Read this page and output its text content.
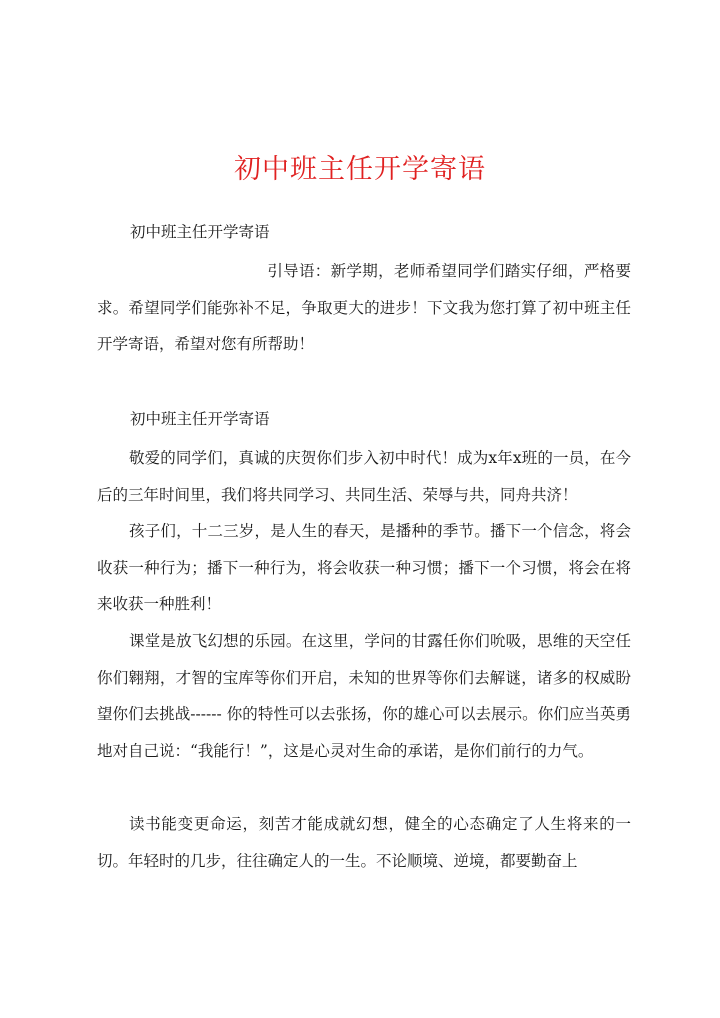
初中班主任开学寄语

初中班主任开学寄语

引导语：新学期，老师希望同学们踏实仔细，严格要求。希望同学们能弥补不足，争取更大的进步！下文我为您打算了初中班主任开学寄语，希望对您有所帮助！

初中班主任开学寄语

敬爱的同学们，真诚的庆贺你们步入初中时代！成为x年x班的一员，在今后的三年时间里，我们将共同学习、共同生活、荣辱与共，同舟共济！

孩子们，十二三岁，是人生的春天，是播种的季节。播下一个信念，将会收获一种行为；播下一种行为，将会收获一种习惯；播下一个习惯，将会在将来收获一种胜利！

课堂是放飞幻想的乐园。在这里，学问的甘露任你们吮吸，思维的天空任你们翱翔，才智的宝库等你们开启，未知的世界等你们去解谜，诸多的权威盼望你们去挑战------ 你的特性可以去张扬，你的雄心可以去展示。你们应当英勇地对自己说：“我能行！”，这是心灵对生命的承诺，是你们前行的力气。

读书能变更命运，刻苦才能成就幻想，健全的心态确定了人生将来的一切。年轻时的几步，往往确定人的一生。不论顺境、逆境，都要勤奋上
